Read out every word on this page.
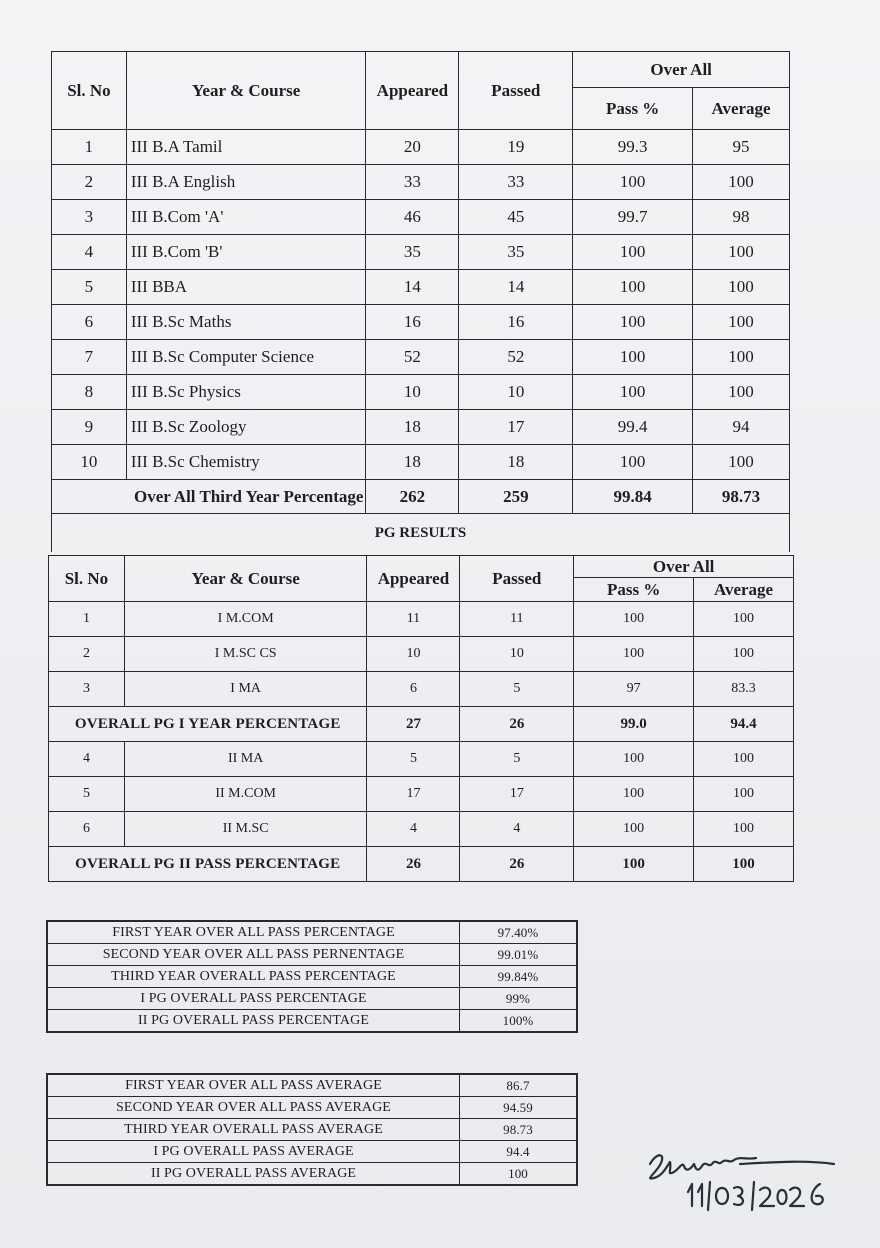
Sl. No	Year & Course	Appeared	Passed	Over All	
				Pass %	Average
1	III B.A Tamil	20	19	99.3	95
2	III B.A English	33	33	100	100
3	III B.Com 'A'	46	45	99.7	98
4	III B.Com 'B'	35	35	100	100
5	III BBA	14	14	100	100
6	III B.Sc Maths	16	16	100	100
7	III B.Sc Computer Science	52	52	100	100
8	III B.Sc Physics	10	10	100	100
9	III B.Sc Zoology	18	17	99.4	94
10	III B.Sc Chemistry	18	18	100	100
Over All Third Year Percentage		262	259	99.84	98.73
PG RESULTS					
Sl. No	Year & Course	Appeared	Passed	Over All	
				Pass %	Average
1	I M.COM	11	11	100	100
2	I M.SC CS	10	10	100	100
3	I MA	6	5	97	83.3
OVERALL PG I YEAR PERCENTAGE		27	26	99.0	94.4
4	II MA	5	5	100	100
5	II M.COM	17	17	100	100
6	II M.SC	4	4	100	100
OVERALL PG II PASS PERCENTAGE		26	26	100	100
FIRST YEAR OVER ALL PASS PERCENTAGE	97.40%
SECOND YEAR OVER ALL PASS PERNENTAGE	99.01%
THIRD YEAR OVERALL PASS PERCENTAGE	99.84%
I PG OVERALL PASS PERCENTAGE	99%
II PG OVERALL PASS PERCENTAGE	100%
FIRST YEAR OVER ALL PASS AVERAGE	86.7
SECOND YEAR OVER ALL PASS AVERAGE	94.59
THIRD YEAR OVERALL PASS AVERAGE	98.73
I PG OVERALL PASS AVERAGE	94.4
II PG OVERALL PASS AVERAGE	100
